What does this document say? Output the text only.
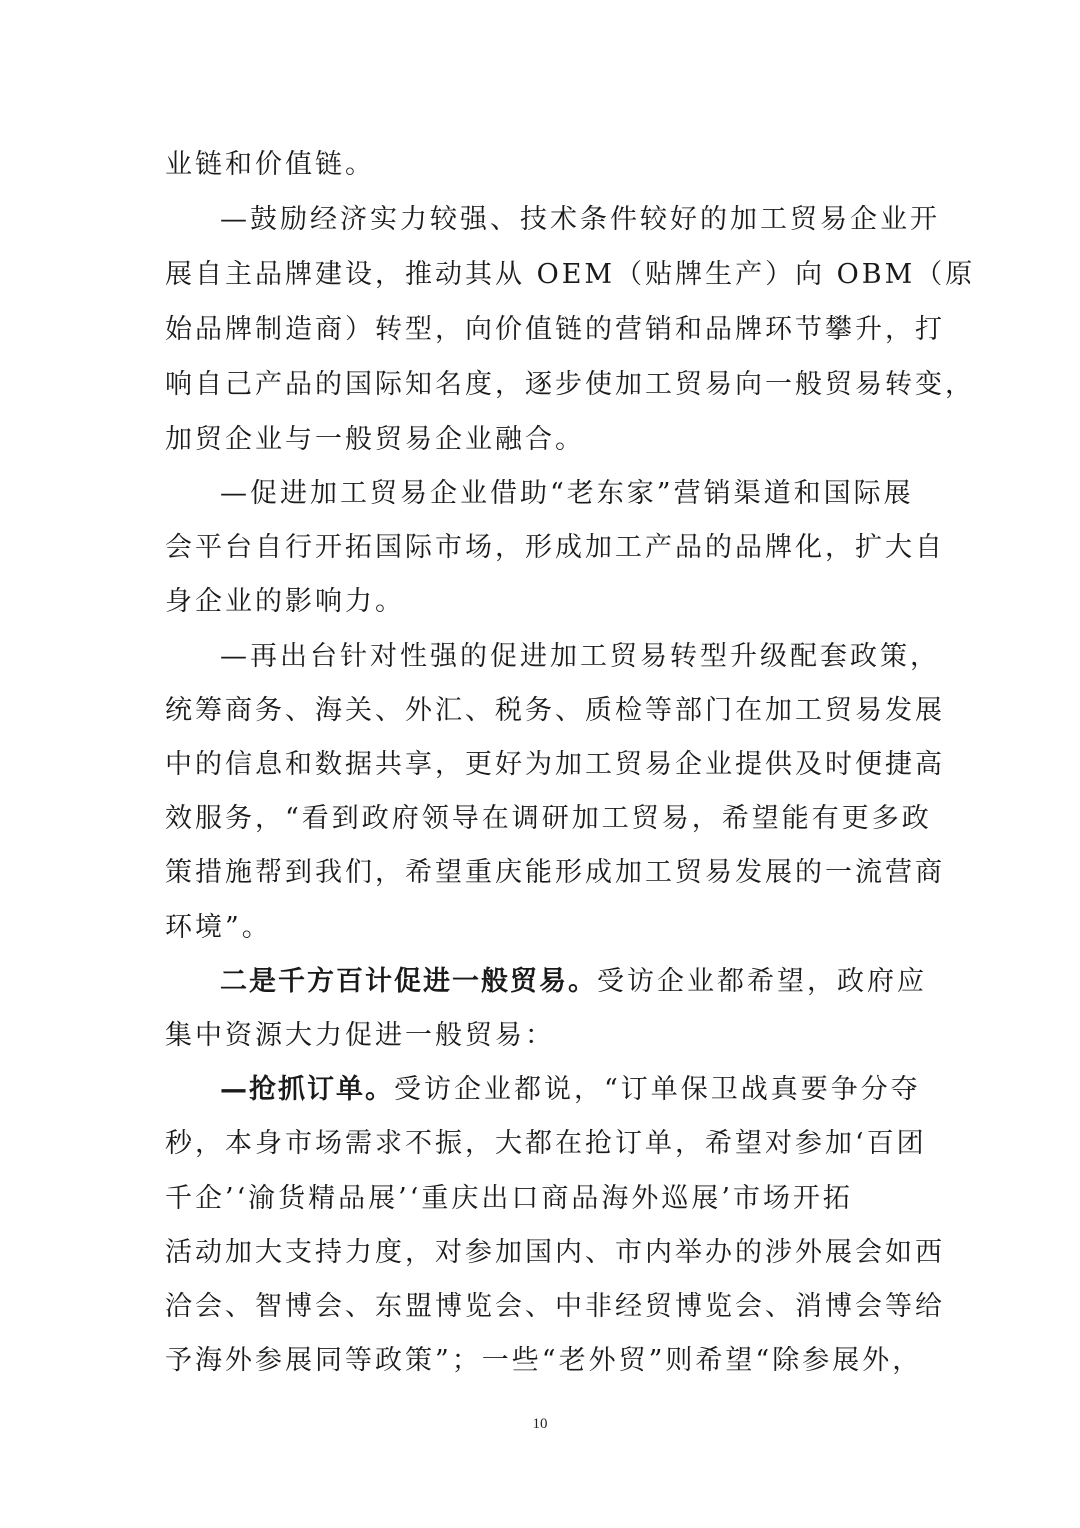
业链和价值链。
—鼓励经济实力较强、技术条件较好的加工贸易企业开
展自主品牌建设，推动其从 OEM（贴牌生产）向 OBM（原
始品牌制造商）转型，向价值链的营销和品牌环节攀升，打
响自己产品的国际知名度，逐步使加工贸易向一般贸易转变，
加贸企业与一般贸易企业融合。
—促进加工贸易企业借助“老东家”营销渠道和国际展
会平台自行开拓国际市场，形成加工产品的品牌化，扩大自
身企业的影响力。
—再出台针对性强的促进加工贸易转型升级配套政策，
统筹商务、海关、外汇、税务、质检等部门在加工贸易发展
中的信息和数据共享，更好为加工贸易企业提供及时便捷高
效服务，“看到政府领导在调研加工贸易，希望能有更多政
策措施帮到我们，希望重庆能形成加工贸易发展的一流营商
环境”。
二是千方百计促进一般贸易。受访企业都希望，政府应
集中资源大力促进一般贸易：
—抢抓订单。受访企业都说，“订单保卫战真要争分夺
秒，本身市场需求不振，大都在抢订单，希望对参加‘百团
千企’‘渝货精品展’‘重庆出口商品海外巡展’市场开拓
活动加大支持力度，对参加国内、市内举办的涉外展会如西
洽会、智博会、东盟博览会、中非经贸博览会、消博会等给
予海外参展同等政策”；一些“老外贸”则希望“除参展外，
10
